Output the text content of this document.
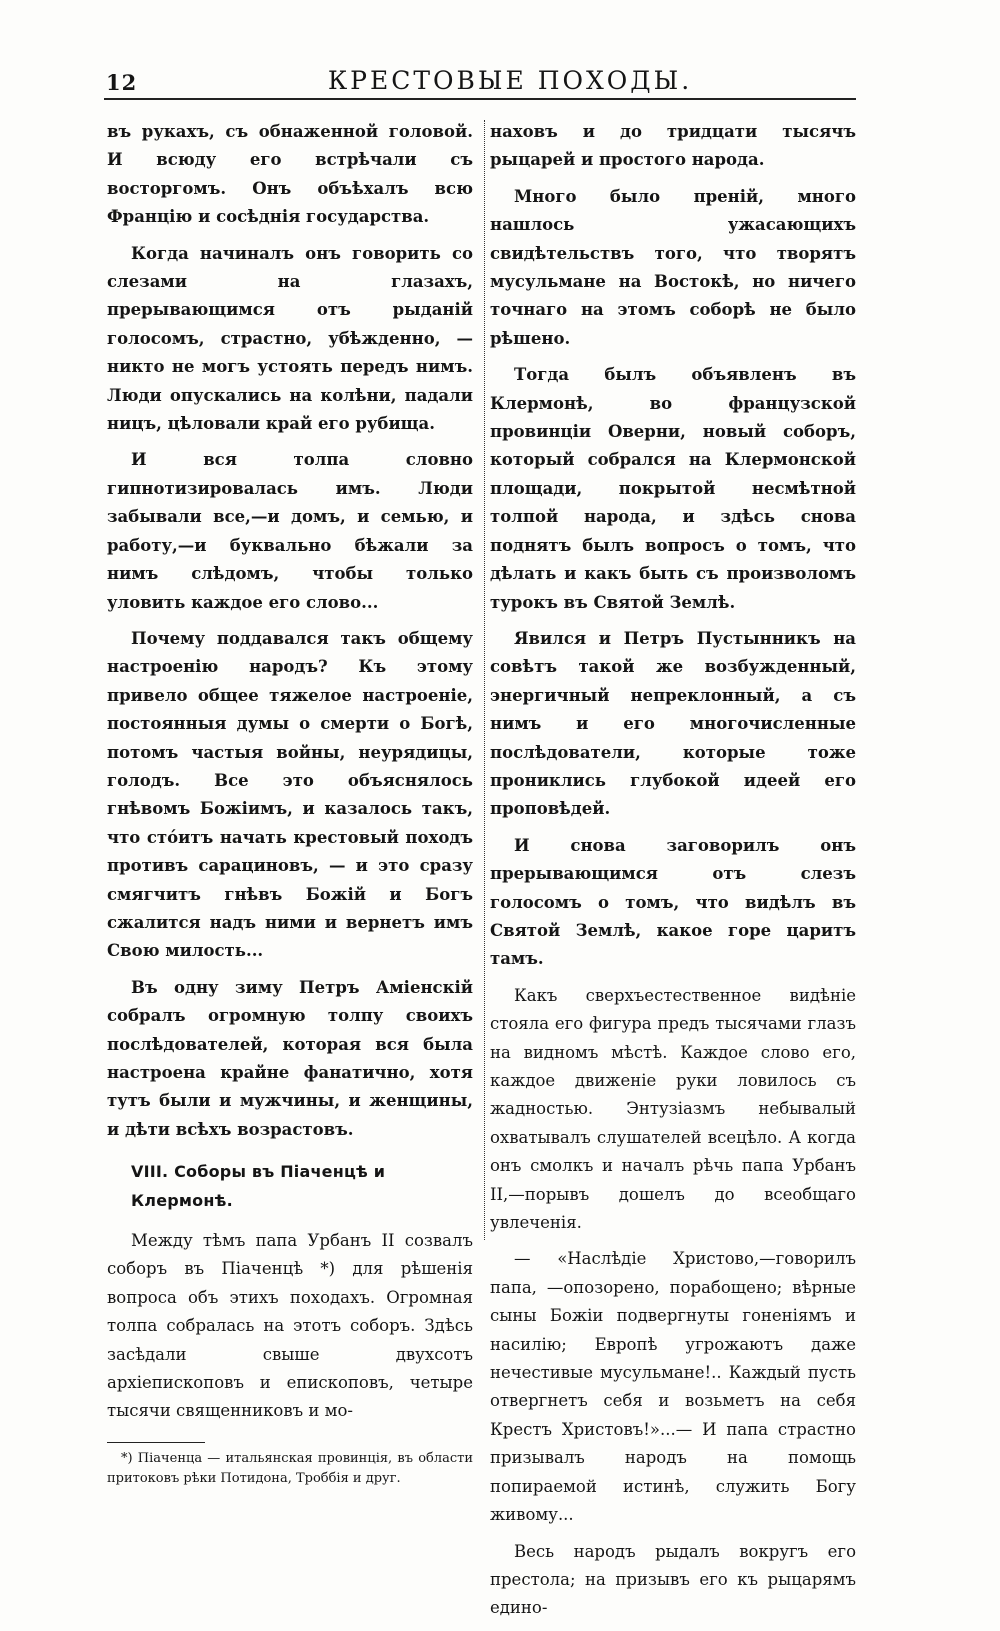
12	КРЕСТОВЫЕ ПОХОДЫ.

въ рукахъ, съ обнаженной головой. И всюду его встрѣчали съ восторгомъ. Онъ объѣхалъ всю Францію и сосѣднія государства.

Когда начиналъ онъ говорить со слезами на глазахъ, прерывающимся отъ рыданій голосомъ, страстно, убѣжденно, — никто не могъ устоять передъ нимъ. Люди опускались на колѣни, падали ницъ, цѣловали край его рубища.

И вся толпа словно гипнотизировалась имъ. Люди забывали все,—и домъ, и семью, и работу,—и буквально бѣжали за нимъ слѣдомъ, чтобы только уловить каждое его слово...

Почему поддавался такъ общему настроенію народъ? Къ этому привело общее тяжелое настроеніе, постоянныя думы о смерти о Богѣ, потомъ частыя войны, неурядицы, голодъ. Все это объяснялось гнѣвомъ Божіимъ, и казалось такъ, что стóитъ начать крестовый походъ противъ сарациновъ, — и это сразу смягчитъ гнѣвъ Божій и Богъ сжалится надъ ними и вернетъ имъ Свою милость...

Въ одну зиму Петръ Аміенскій собралъ огромную толпу своихъ послѣдователей, которая вся была настроена крайне фанатично, хотя тутъ были и мужчины, и женщины, и дѣти всѣхъ возрастовъ.

VIII. Соборы въ Піаченцѣ и Клермонѣ.

Между тѣмъ папа Урбанъ II созвалъ соборъ въ Піаченцѣ *) для рѣшенія вопроса объ этихъ походахъ. Огромная толпа собралась на этотъ соборъ. Здѣсь засѣдали свыше двухсотъ архіепископовъ и епископовъ, четыре тысячи священниковъ и мо-

*) Піаченца — итальянская провинція, въ области притоковъ рѣки Потидона, Троббія и друг.

наховъ и до тридцати тысячъ рыцарей и простого народа.

Много было преній, много нашлось ужасающихъ свидѣтельствъ того, что творятъ мусульмане на Востокѣ, но ничего точнаго на этомъ соборѣ не было рѣшено.

Тогда былъ объявленъ въ Клермонѣ, во французской провинціи Оверни, новый соборъ, который собрался на Клермонской площади, покрытой несмѣтной толпой народа, и здѣсь снова поднятъ былъ вопросъ о томъ, что дѣлать и какъ быть съ произволомъ турокъ въ Святой Землѣ.

Явился и Петръ Пустынникъ на совѣтъ такой же возбужденный, энергичный непреклонный, а съ нимъ и его многочисленные послѣдователи, которые тоже прониклись глубокой идеей его проповѣдей.

И снова заговорилъ онъ прерывающимся отъ слезъ голосомъ о томъ, что видѣлъ въ Святой Землѣ, какое горе царитъ тамъ.

Какъ сверхъестественное видѣніе стояла его фигура предъ тысячами глазъ на видномъ мѣстѣ. Каждое слово его, каждое движеніе руки ловилось съ жадностью. Энтузіазмъ небывалый охватывалъ слушателей всецѣло. А когда онъ смолкъ и началъ рѣчь папа Урбанъ II,—порывъ дошелъ до всеобщаго увлеченія.

— «Наслѣдіе Христово,—говорилъ папа, —опозорено, порабощено; вѣрные сыны Божіи подвергнуты гоненіямъ и насилію; Европѣ угрожаютъ даже нечестивые мусульмане!.. Каждый пусть отвергнетъ себя и возьметъ на себя Крестъ Христовъ!»...— И папа страстно призывалъ народъ на помощь попираемой истинѣ, служить Богу живому...

Весь народъ рыдалъ вокругъ его престола; на призывъ его къ рыцарямъ едино-
